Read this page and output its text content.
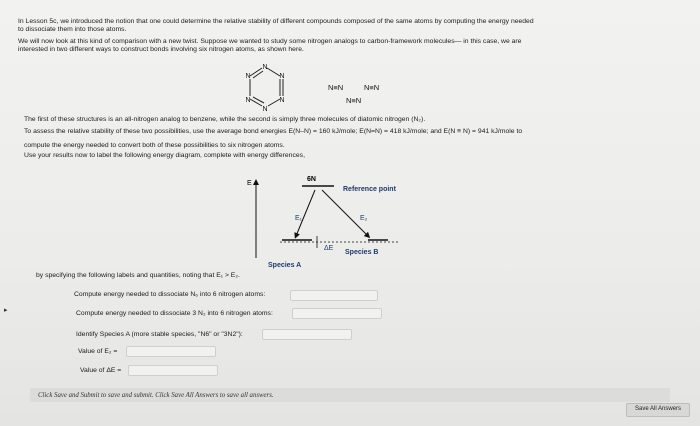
In Lesson 5c, we introduced the notion that one could determine the relative stability of different compounds composed of the same atoms by computing the energy needed
to dissociate them into those atoms.
We will now look at this kind of comparison with a new twist. Suppose we wanted to study some nitrogen analogs to carbon-framework molecules— in this case, we are
interested in two different ways to construct bonds involving six nitrogen atoms, as shown here.
N
N
N
N
N
N
N≡N	N≡N
N≡N
The first of these structures is an all-nitrogen analog to benzene, while the second is simply three molecules of diatomic nitrogen (N₂).
To assess the relative stability of these two possibilities, use the average bond energies E(N–N) = 160 kJ/mole; E(N=N) = 418 kJ/mole; and E(N ≡ N) = 941 kJ/mole to
compute the energy needed to convert both of these possibilities to six nitrogen atoms.
Use your results now to label the following energy diagram, complete with energy differences,
E
6N
Reference point
E₁	E₂
ΔE
Species B
Species A
by specifying the following labels and quantities, noting that E₁ > E₂.
▸
Compute energy needed to dissociate N₆ into 6 nitrogen atoms:
Compute energy needed to dissociate 3 N₂ into 6 nitrogen atoms:
Identify Species A (more stable species, "N6" or "3N2"):
Value of E₂ =
Value of ΔE =
Click Save and Submit to save and submit. Click Save All Answers to save all answers.
Save All Answers
